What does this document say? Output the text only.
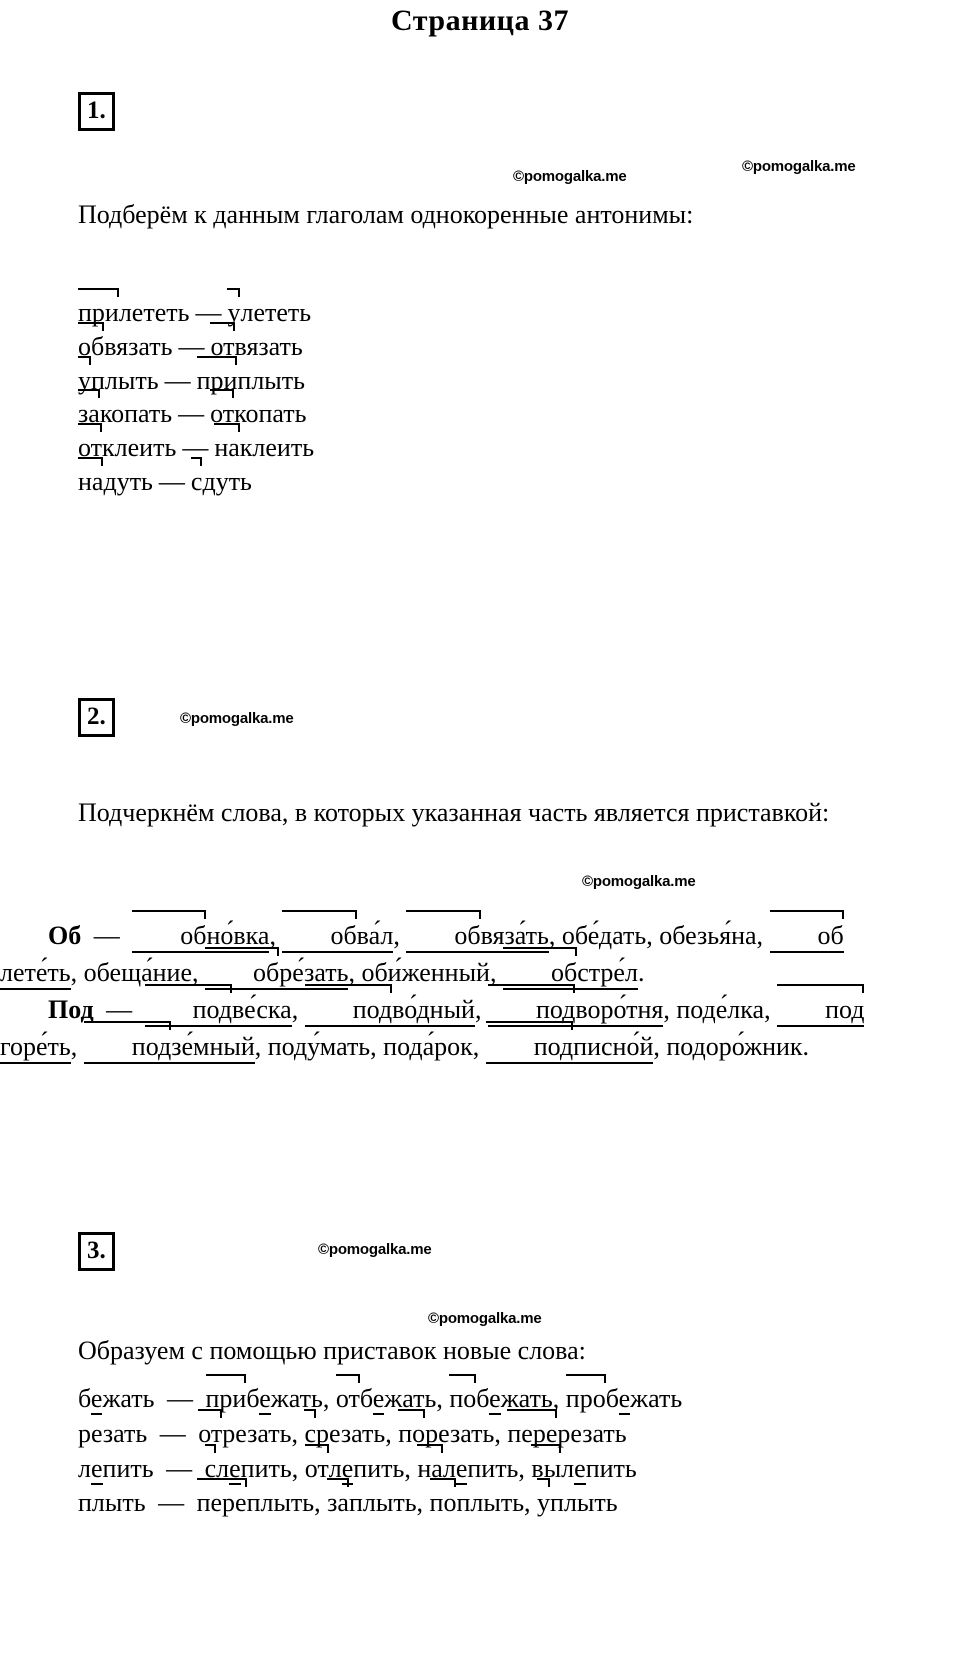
Страница 37
©pomogalka.me
©pomogalka.me
©pomogalka.me
©pomogalka.me
©pomogalka.me
©pomogalka.me
1.

Подберём к данным глаголам однокоренные антонимы:

прилететь — улететь
обвязать — отвязать
уплыть — приплыть
закопать — откопать
отклеить — наклеить
надуть — сдуть
2.

Подчеркнём слова, в которых указанная часть является приставкой:

Об — обно́вка, обва́л, обвяза́ть, обе́дать, обезья́на, облете́ть, обеща́ние, обре́зать, оби́женный, обстре́л.
Под — подве́ска, подво́дный, подворо́тня, поде́лка, подгоре́ть, подзе́мный, поду́мать, пода́рок, подписно́й, подоро́жник.
3.

Образуем с помощью приставок новые слова:

бежать — прибежать, отбежать, побежать, пробежать
резать — отрезать, срезать, порезать, перерезать
лепить — слепить, отлепить, налепить, вылепить
плыть — переплыть, заплыть, поплыть, уплыть
